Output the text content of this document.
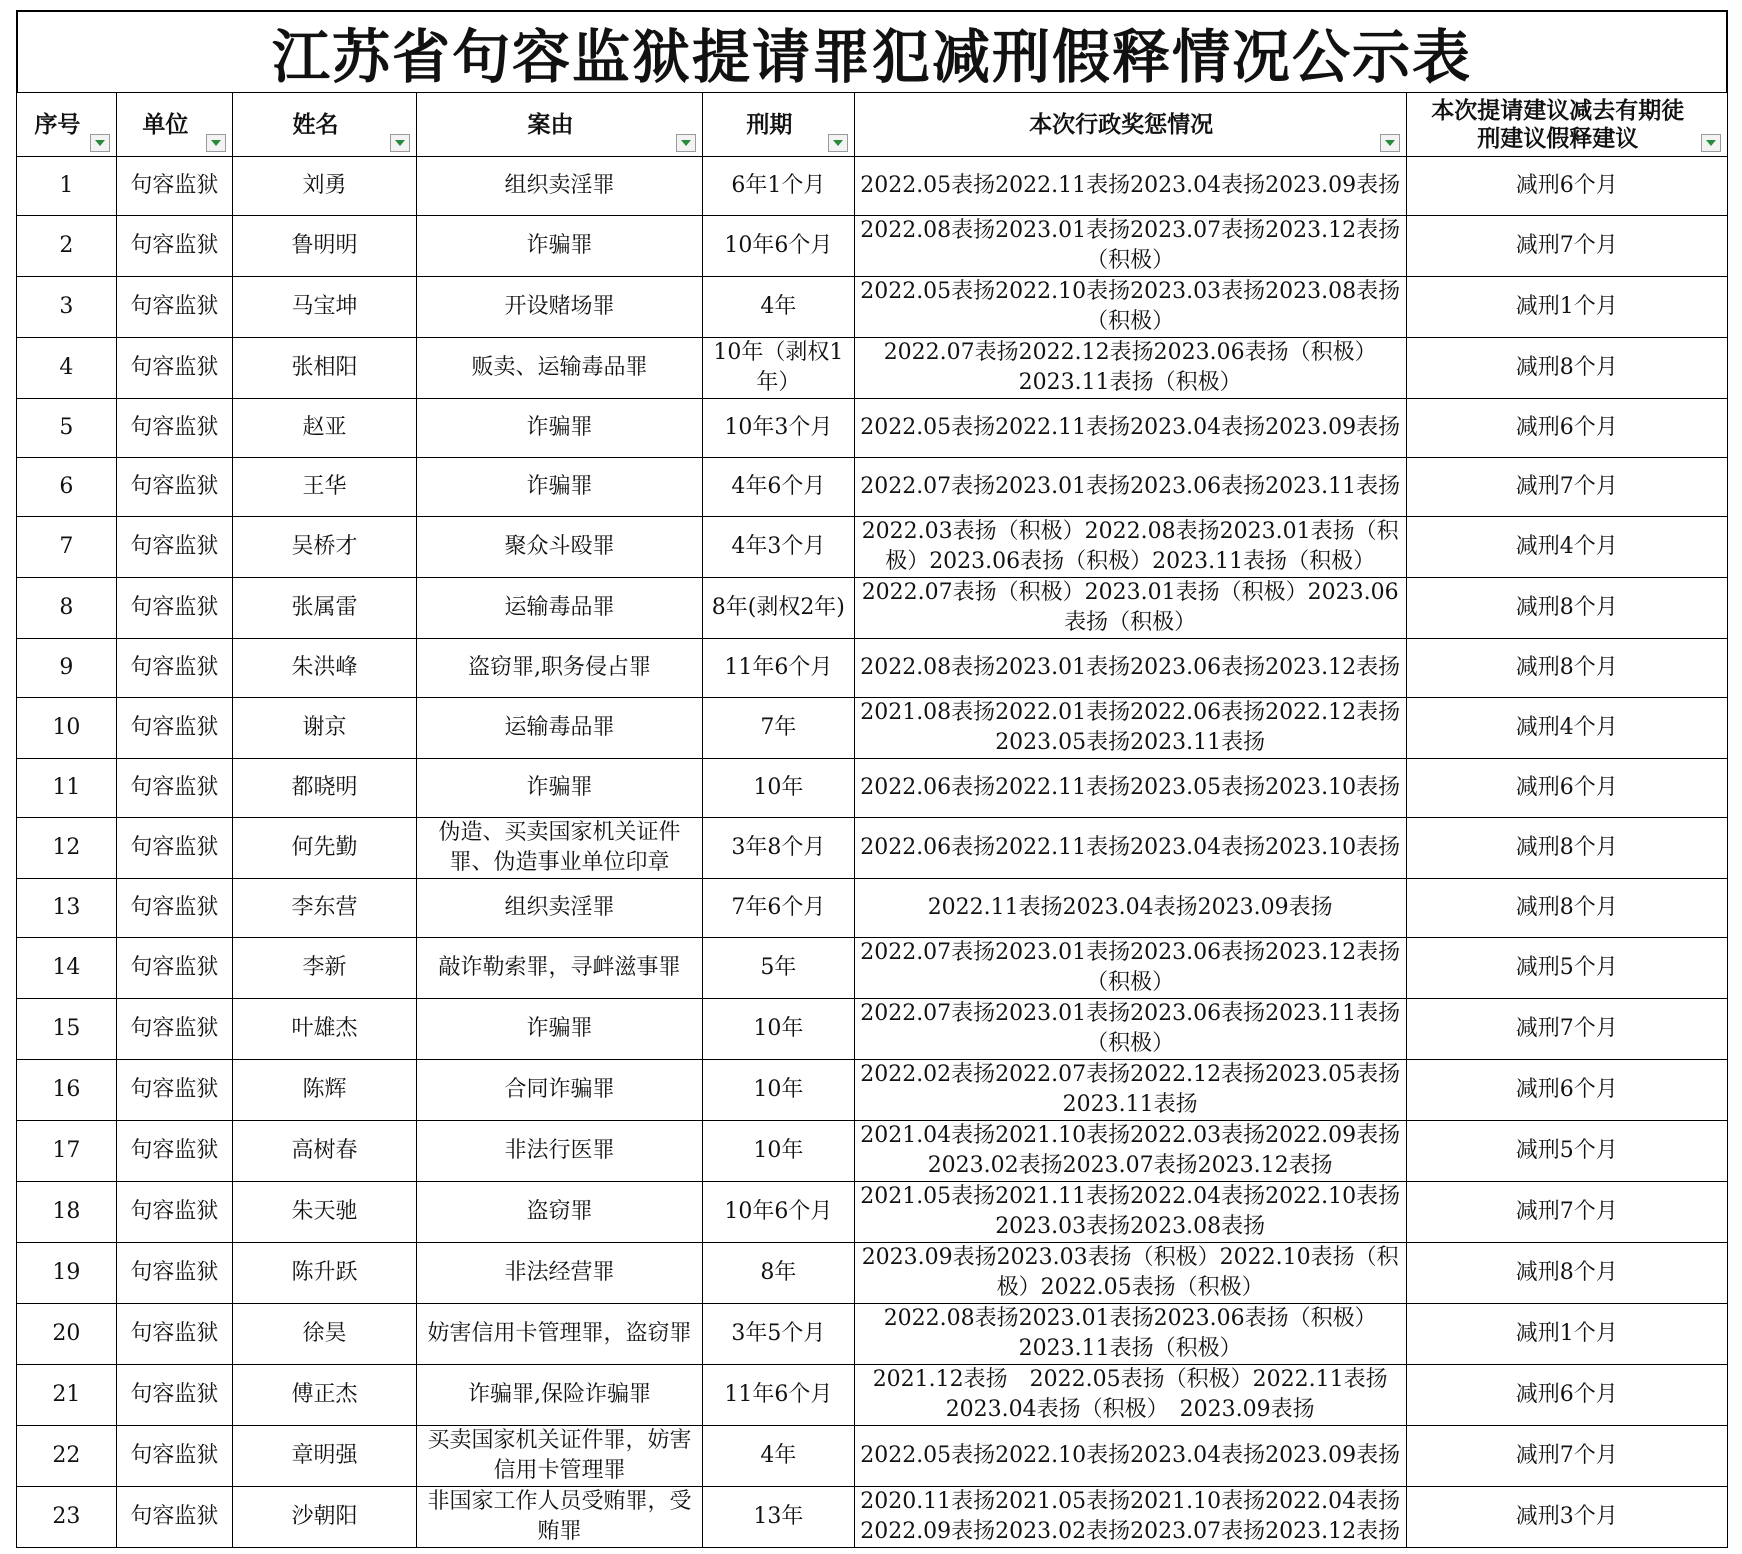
江苏省句容监狱提请罪犯减刑假释情况公示表
序号	单位	姓名	案由	刑期	本次行政奖惩情况	本次提请建议减去有期徒
刑建议假释建议

1	句容监狱	刘勇	组织卖淫罪	6年1个月	2022.05表扬2022.11表扬2023.04表扬2023.09表扬	减刑6个月
2	句容监狱	鲁明明	诈骗罪	10年6个月	2022.08表扬2023.01表扬2023.07表扬2023.12表扬（积极）	减刑7个月
3	句容监狱	马宝坤	开设赌场罪	4年	2022.05表扬2022.10表扬2023.03表扬2023.08表扬（积极）	减刑1个月
4	句容监狱	张相阳	贩卖、运输毒品罪	10年（剥权1年）	2022.07表扬2022.12表扬2023.06表扬（积极）2023.11表扬（积极）	减刑8个月
5	句容监狱	赵亚	诈骗罪	10年3个月	2022.05表扬2022.11表扬2023.04表扬2023.09表扬	减刑6个月
6	句容监狱	王华	诈骗罪	4年6个月	2022.07表扬2023.01表扬2023.06表扬2023.11表扬	减刑7个月
7	句容监狱	吴桥才	聚众斗殴罪	4年3个月	2022.03表扬（积极）2022.08表扬2023.01表扬（积极）2023.06表扬（积极）2023.11表扬（积极）	减刑4个月
8	句容监狱	张属雷	运输毒品罪	8年(剥权2年)	2022.07表扬（积极）2023.01表扬（积极）2023.06表扬（积极）	减刑8个月
9	句容监狱	朱洪峰	盗窃罪,职务侵占罪	11年6个月	2022.08表扬2023.01表扬2023.06表扬2023.12表扬	减刑8个月
10	句容监狱	谢京	运输毒品罪	7年	2021.08表扬2022.01表扬2022.06表扬2022.12表扬2023.05表扬2023.11表扬	减刑4个月
11	句容监狱	都晓明	诈骗罪	10年	2022.06表扬2022.11表扬2023.05表扬2023.10表扬	减刑6个月
12	句容监狱	何先勤	伪造、买卖国家机关证件罪、伪造事业单位印章	3年8个月	2022.06表扬2022.11表扬2023.04表扬2023.10表扬	减刑8个月
13	句容监狱	李东营	组织卖淫罪	7年6个月	2022.11表扬2023.04表扬2023.09表扬	减刑8个月
14	句容监狱	李新	敲诈勒索罪，寻衅滋事罪	5年	2022.07表扬2023.01表扬2023.06表扬2023.12表扬（积极）	减刑5个月
15	句容监狱	叶雄杰	诈骗罪	10年	2022.07表扬2023.01表扬2023.06表扬2023.11表扬（积极）	减刑7个月
16	句容监狱	陈辉	合同诈骗罪	10年	2022.02表扬2022.07表扬2022.12表扬2023.05表扬2023.11表扬	减刑6个月
17	句容监狱	高树春	非法行医罪	10年	2021.04表扬2021.10表扬2022.03表扬2022.09表扬2023.02表扬2023.07表扬2023.12表扬	减刑5个月
18	句容监狱	朱天驰	盗窃罪	10年6个月	2021.05表扬2021.11表扬2022.04表扬2022.10表扬2023.03表扬2023.08表扬	减刑7个月
19	句容监狱	陈升跃	非法经营罪	8年	2023.09表扬2023.03表扬（积极）2022.10表扬（积极）2022.05表扬（积极）	减刑8个月
20	句容监狱	徐昊	妨害信用卡管理罪，盗窃罪	3年5个月	2022.08表扬2023.01表扬2023.06表扬（积极）2023.11表扬（积极）	减刑1个月
21	句容监狱	傅正杰	诈骗罪,保险诈骗罪	11年6个月	2021.12表扬　2022.05表扬（积极）2022.11表扬　2023.04表扬（积极）　2023.09表扬	减刑6个月
22	句容监狱	章明强	买卖国家机关证件罪，妨害信用卡管理罪	4年	2022.05表扬2022.10表扬2023.04表扬2023.09表扬	减刑7个月
23	句容监狱	沙朝阳	非国家工作人员受贿罪，受贿罪	13年	2020.11表扬2021.05表扬2021.10表扬2022.04表扬2022.09表扬2023.02表扬2023.07表扬2023.12表扬	减刑3个月
